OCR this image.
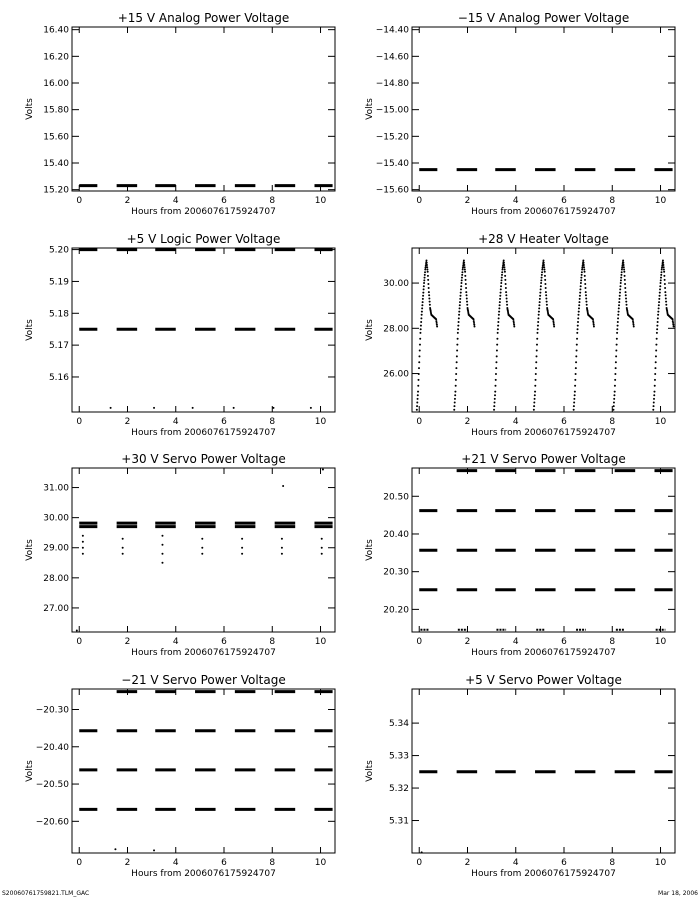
+15 V Analog Power Voltage
0	2	4	6	8	10
15.20
15.40
15.60
15.80
16.00
16.20
16.40
Hours from 2006076175924707
Volts
−15 V Analog Power Voltage
0	2	4	6	8	10
−15.60
−15.40
−15.20
−15.00
−14.80
−14.60
−14.40
Hours from 2006076175924707
Volts
+5 V Logic Power Voltage
0	2	4	6	8	10
5.16
5.17
5.18
5.19
5.20
Hours from 2006076175924707
Volts
+28 V Heater Voltage
0	2	4	6	8	10
26.00
28.00
30.00
Hours from 2006076175924707
Volts
+30 V Servo Power Voltage
0	2	4	6	8	10
27.00
28.00
29.00
30.00
31.00
Hours from 2006076175924707
Volts
+21 V Servo Power Voltage
0	2	4	6	8	10
20.20
20.30
20.40
20.50
Hours from 2006076175924707
Volts
−21 V Servo Power Voltage
0	2	4	6	8	10
−20.60
−20.50
−20.40
−20.30
Hours from 2006076175924707
Volts
+5 V Servo Power Voltage
0	2	4	6	8	10
5.31
5.32
5.33
5.34
Hours from 2006076175924707
Volts
S20060761759821.TLM_GAC	Mar 18, 2006
